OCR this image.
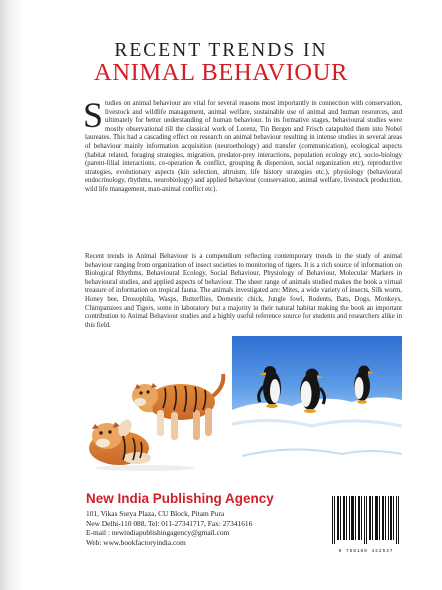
RECENT TRENDS IN
ANIMAL BEHAVIOUR

Studies on animal behaviour are vital for several reasons most importantly in connection with conservation, livestock and wildlife management, animal welfare, sustainable use of animal and human resources, and ultimately for better understanding of human behaviour. In its formative stages, behavioural studies were mostly observational till the classical work of Lorenz, Tin Bergen and Frisch catapulted them into Nobel laureates. This had a cascading effect on research on animal behaviour resulting in intense studies in several areas of behaviour mainly information acquisition (neuroethology) and transfer (communication), ecological aspects (habitat related, foraging strategies, migration, predator-prey interactions, population ecology etc), socio-biology (parent-filial interactions, co-operation & conflict, grouping & dispersion, social organization etc), reproductive strategies, evolutionary aspects (kin selection, altruism, life history strategies etc.), physiology (behavioural endocrinology, rhythms, neurobiology) and applied behaviour (conservation, animal welfare, livestock production, wild life management, man-animal conflict etc).

Recent trends in Animal Behaviour is a compendium reflecting contemporary trends in the study of animal behaviour ranging from organization of insect societies to monitoring of tigers. It is a rich source of information on Biological Rhythms, Behavioural Ecology, Social Behaviour, Physiology of Behaviour, Molecular Markers in behavioural studies, and applied aspects of behaviour. The sheer range of animals studied makes the book a virtual treasure of information on tropical fauna. The animals investigated are: Mites, a wide variety of insects, Silk worm, Honey bee, Drosophila, Wasps, Butterflies, Domestic chick, Jungle fowl, Rodents, Bats, Dogs, Monkeys, Chimpanzees and Tigers, some in laboratory but a majority in their natural habitat making the book an important contribution to Animal Behaviour studies and a highly useful reference source for students and researchers alike in this field.

New India Publishing Agency

101, Vikas Surya Plaza, CU Block, Pitam Pura

New Delhi-110 088, Tel: 011-27341717, Fax: 27341616

E-mail : newindiapublishingagency@gmail.com

Web: www.bookfactoryindia.com

9 788189 422547
